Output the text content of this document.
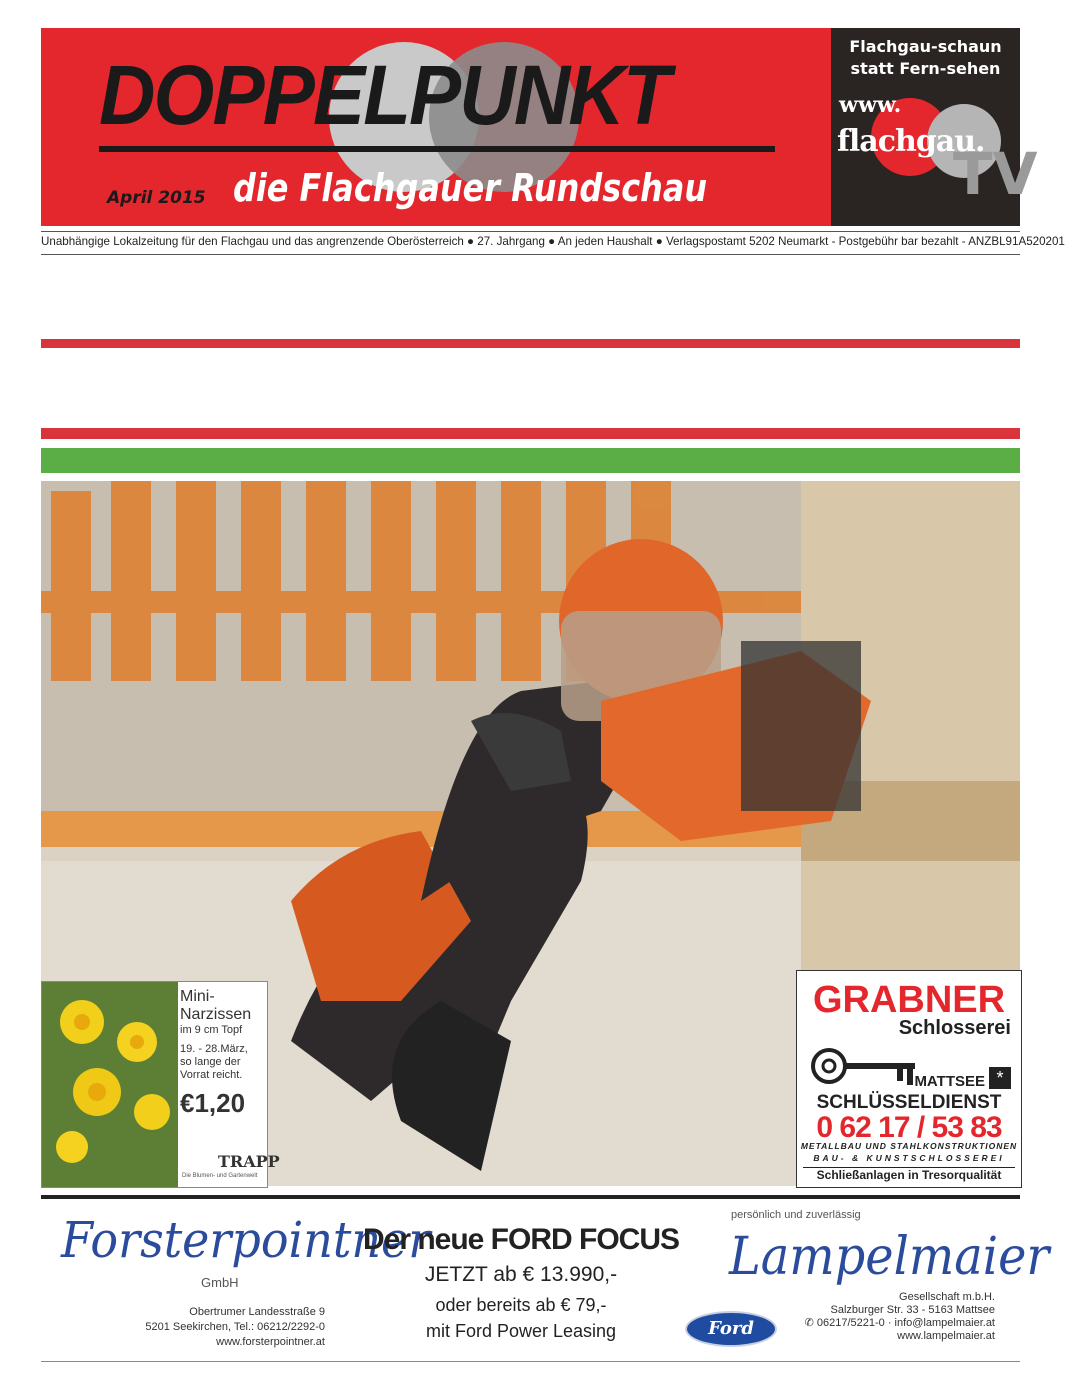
DOPPELPUNKT
April 2015 die Flachgauer Rundschau
Flachgau-schaun
statt Fern-sehen
www.
flachgau.
TV
Unabhängige Lokalzeitung für den Flachgau und das angrenzende Oberösterreich ● 27. Jahrgang ● An jeden Haushalt ● Verlagspostamt 5202 Neumarkt - Postgebühr bar bezahlt - ANZBL91A520201
Mini-
Narzissen
im 9 cm Topf
19. - 28.März,
so lange der
Vorrat reicht.
€1,20
TRAPP
Die Blumen- und Gartenwelt
GRABNER
Schlosserei
MATTSEE *
SCHLÜSSELDIENST
0 62 17 / 53 83
METALLBAU UND STAHLKONSTRUKTIONEN
BAU- & KUNSTSCHLOSSEREI
Schließanlagen in Tresorqualität
Forsterpointner
GmbH
Obertrumer Landesstraße 9
5201 Seekirchen, Tel.: 06212/2292-0
www.forsterpointner.at
Der neue FORD FOCUS
JETZT ab € 13.990,-
oder bereits ab € 79,-
mit Ford Power Leasing	Ford
persönlich und zuverlässig
Lampelmaier
Gesellschaft m.b.H.
Salzburger Str. 33 - 5163 Mattsee
✆ 06217/5221-0 · info@lampelmaier.at
www.lampelmaier.at
